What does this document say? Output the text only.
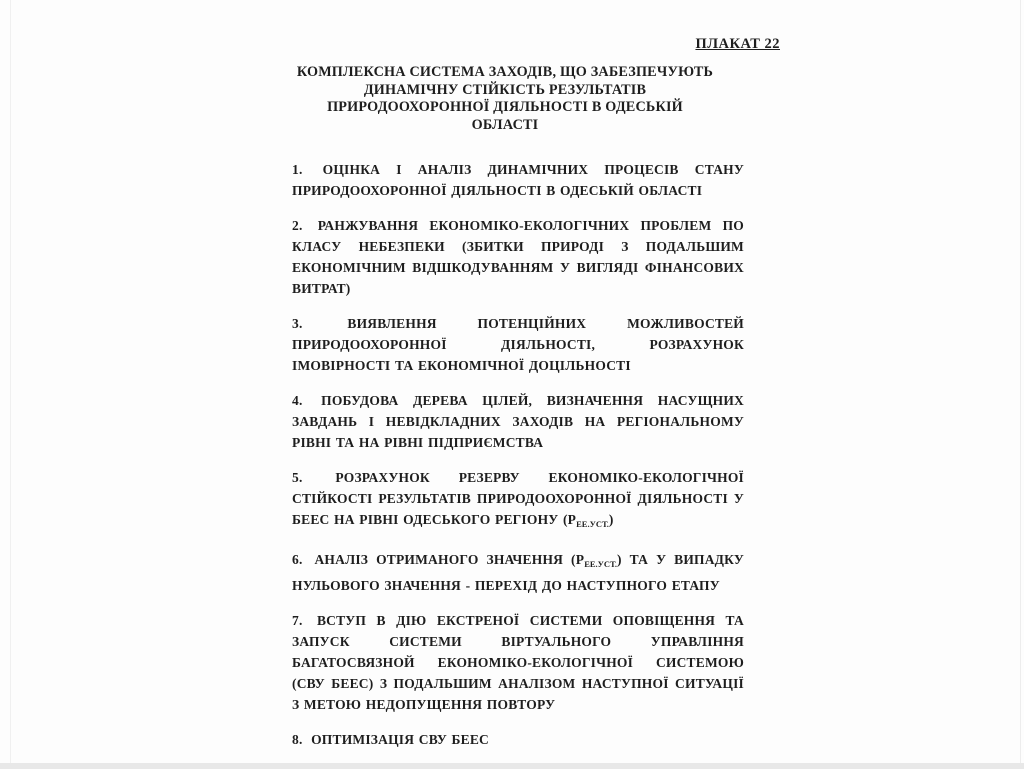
ПЛАКАТ 22
КОМПЛЕКСНА СИСТЕМА ЗАХОДІВ, ЩО ЗАБЕЗПЕЧУЮТЬ ДИНАМІЧНУ СТІЙКІСТЬ РЕЗУЛЬТАТІВ ПРИРОДООХОРОННОЇ ДІЯЛЬНОСТІ В ОДЕСЬКІЙ ОБЛАСТІ

1. ОЦІНКА І АНАЛІЗ ДИНАМІЧНИХ ПРОЦЕСІВ СТАНУ ПРИРОДООХОРОННОЇ ДІЯЛЬНОСТІ В ОДЕСЬКІЙ ОБЛАСТІ

2. РАНЖУВАННЯ ЕКОНОМІКО-ЕКОЛОГІЧНИХ ПРОБЛЕМ ПО КЛАСУ НЕБЕЗПЕКИ (ЗБИТКИ ПРИРОДІ З ПОДАЛЬШИМ ЕКОНОМІЧНИМ ВІДШКОДУВАННЯМ У ВИГЛЯДІ ФІНАНСОВИХ ВИТРАТ)

3.	ВИЯВЛЕННЯ ПОТЕНЦІЙНИХ МОЖЛИВОСТЕЙ ПРИРОДООХОРОННОЇ ДІЯЛЬНОСТІ, РОЗРАХУНОК ІМОВІРНОСТІ ТА ЕКОНОМІЧНОЇ ДОЦІЛЬНОСТІ

4. ПОБУДОВА ДЕРЕВА ЦІЛЕЙ, ВИЗНАЧЕННЯ НАСУЩНИХ ЗАВДАНЬ І НЕВІДКЛАДНИХ ЗАХОДІВ НА РЕГІОНАЛЬНОМУ РІВНІ ТА НА РІВНІ ПІДПРИЄМСТВА

5. РОЗРАХУНОК РЕЗЕРВУ ЕКОНОМІКО-ЕКОЛОГІЧНОЇ СТІЙКОСТІ РЕЗУЛЬТАТІВ ПРИРОДООХОРОННОЇ ДІЯЛЬНОСТІ У БЕЕС НА РІВНІ ОДЕСЬКОГО РЕГІОНУ $(Р_{ЕЕ.УСТ.})$

6. АНАЛІЗ ОТРИМАНОГО ЗНАЧЕННЯ $(Р_{ЕЕ.УСТ.})$ ТА У ВИПАДКУ НУЛЬОВОГО ЗНАЧЕННЯ - ПЕРЕХІД ДО НАСТУПНОГО ЕТАПУ

7. ВСТУП В ДІЮ ЕКСТРЕНОЇ СИСТЕМИ ОПОВІЩЕННЯ ТА ЗАПУСК СИСТЕМИ ВІРТУАЛЬНОГО УПРАВЛІННЯ БАГАТОСВЯЗНОЙ ЕКОНОМІКО-ЕКОЛОГІЧНОЇ СИСТЕМОЮ (СВУ БЕЕС) З ПОДАЛЬШИМ АНАЛІЗОМ НАСТУПНОЇ СИТУАЦІЇ З МЕТОЮ НЕДОПУЩЕННЯ ПОВТОРУ

8. ОПТИМІЗАЦІЯ СВУ БЕЕС
